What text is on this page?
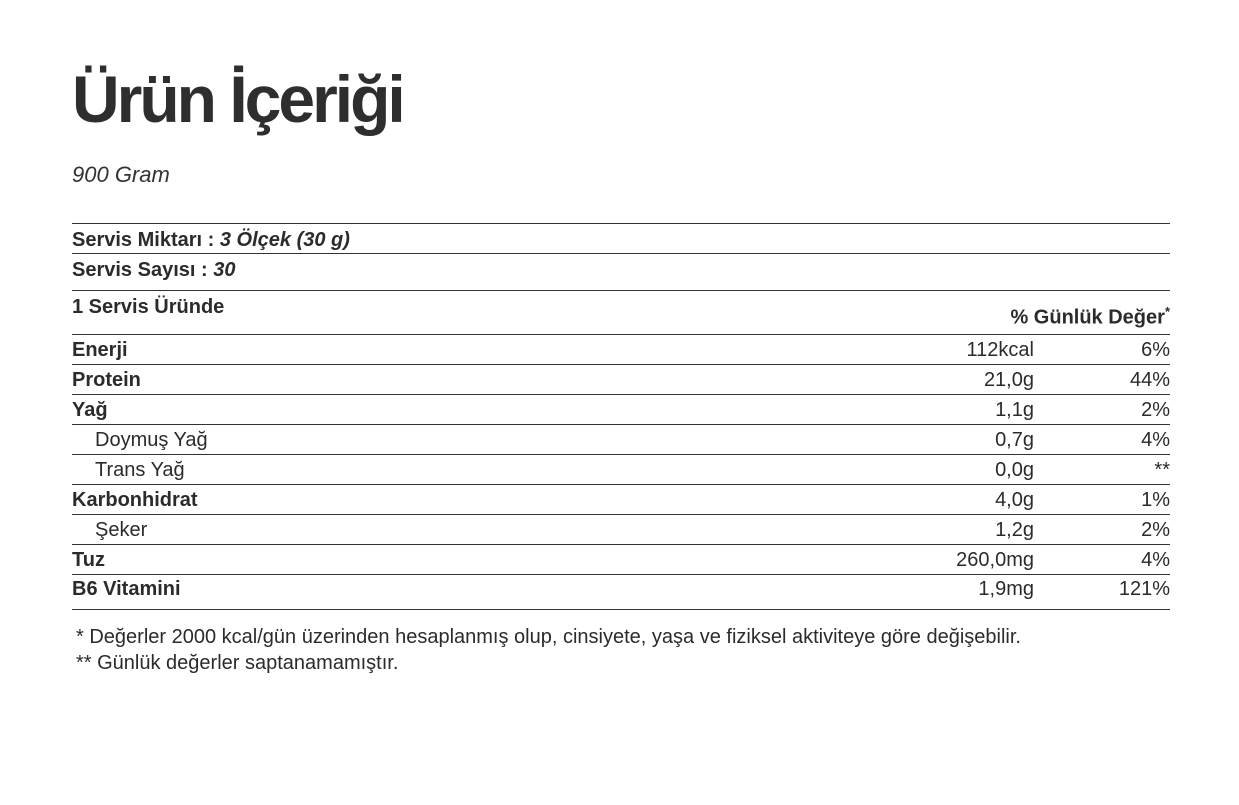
Ürün İçeriği
900 Gram
Servis Miktarı : 3 Ölçek (30 g)
Servis Sayısı : 30
1 Servis Üründe	% Günlük Değer*
Enerji	112kcal	6%
Protein	21,0g	44%
Yağ	1,1g	2%
Doymuş Yağ	0,7g	4%
Trans Yağ	0,0g	**
Karbonhidrat	4,0g	1%
Şeker	1,2g	2%
Tuz	260,0mg	4%
B6 Vitamini	1,9mg	121%
* Değerler 2000 kcal/gün üzerinden hesaplanmış olup, cinsiyete, yaşa ve fiziksel aktiviteye göre değişebilir.
** Günlük değerler saptanamamıştır.
